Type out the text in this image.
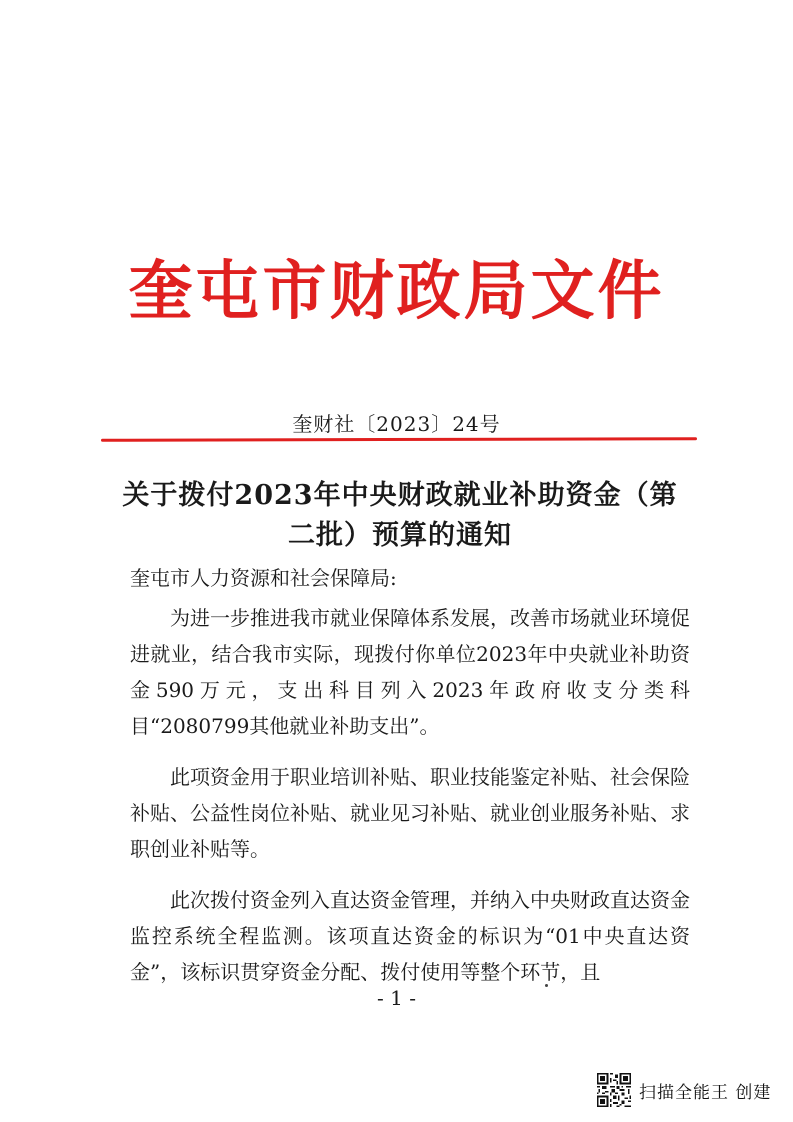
奎屯市财政局文件
奎财社〔2023〕24号
关于拨付2023年中央财政就业补助资金（第
二批）预算的通知
奎屯市人力资源和社会保障局:

为进一步推进我市就业保障体系发展，改善市场就业环境促进就业，结合我市实际，现拨付你单位2023年中央就业补助资金590万元，支出科目列入2023年政府收支分类科目“2080799其他就业补助支出”。

此项资金用于职业培训补贴、职业技能鉴定补贴、社会保险补贴、公益性岗位补贴、就业见习补贴、就业创业服务补贴、求职创业补贴等。

此次拨付资金列入直达资金管理，并纳入中央财政直达资金监控系统全程监测。该项直达资金的标识为“01中央直达资金”，该标识贯穿资金分配、拨付使用等整个环节，且

- 1 -
扫描全能王 创建
